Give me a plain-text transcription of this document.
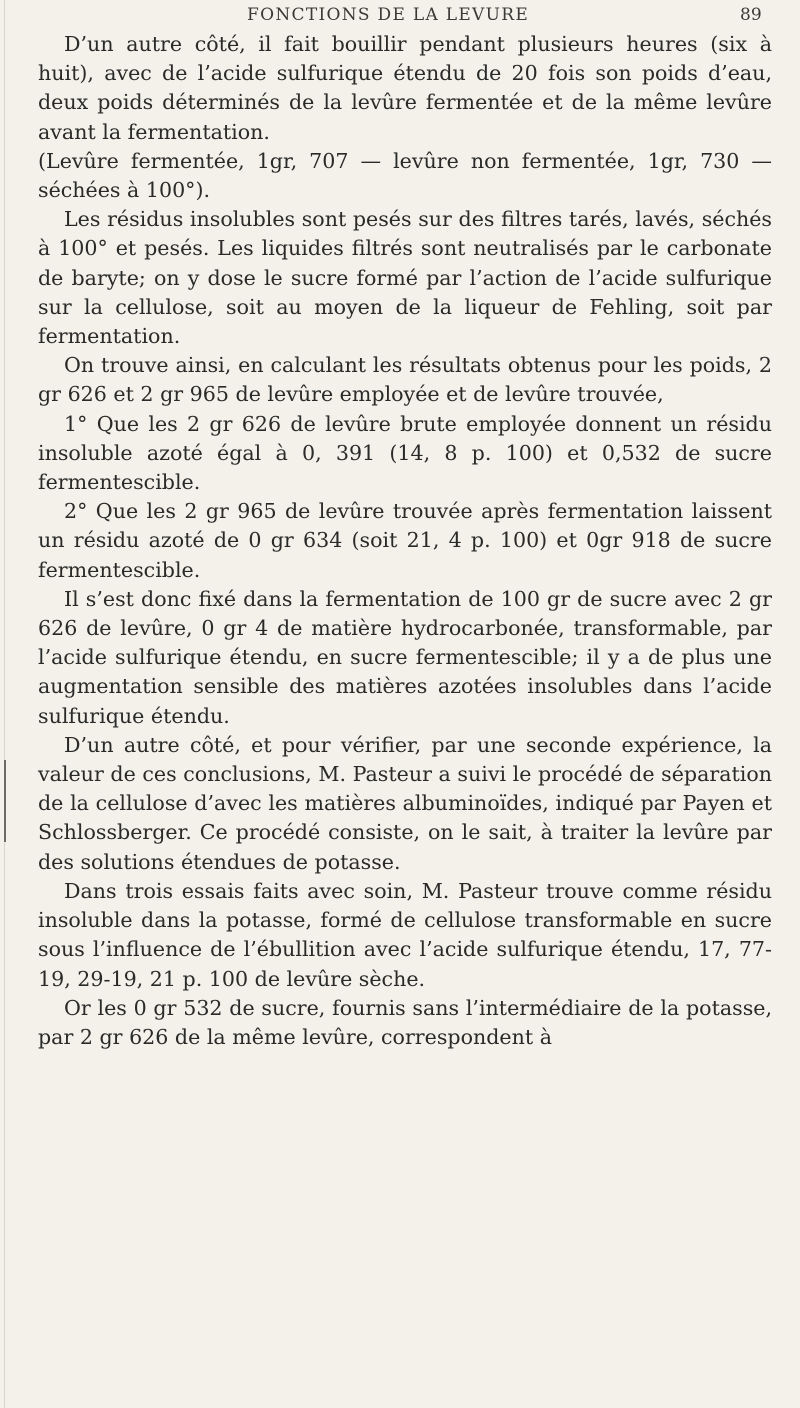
FONCTIONS DE LA LEVURE	89

D’un autre côté, il fait bouillir pendant plusieurs heures (six à huit), avec de l’acide sulfurique étendu de 20 fois son poids d’eau, deux poids déterminés de la levûre fermentée et de la même levûre avant la fermentation.

(Levûre fermentée, 1gr, 707 — levûre non fermentée, 1gr, 730 — séchées à 100°).

Les résidus insolubles sont pesés sur des filtres tarés, lavés, séchés à 100° et pesés. Les liquides filtrés sont neutralisés par le carbonate de baryte; on y dose le sucre formé par l’action de l’acide sulfurique sur la cellulose, soit au moyen de la liqueur de Fehling, soit par fermentation.

On trouve ainsi, en calculant les résultats obtenus pour les poids, 2 gr 626 et 2 gr 965 de levûre employée et de levûre trouvée,

1° Que les 2 gr 626 de levûre brute employée donnent un résidu insoluble azoté égal à 0, 391 (14, 8 p. 100) et 0,532 de sucre fermentescible.

2° Que les 2 gr 965 de levûre trouvée après fermentation laissent un résidu azoté de 0 gr 634 (soit 21, 4 p. 100) et 0gr 918 de sucre fermentescible.

Il s’est donc fixé dans la fermentation de 100 gr de sucre avec 2 gr 626 de levûre, 0 gr 4 de matière hydrocarbonée, transformable, par l’acide sulfurique étendu, en sucre fermentescible; il y a de plus une augmentation sensible des matières azotées insolubles dans l’acide sulfurique étendu.

D’un autre côté, et pour vérifier, par une seconde expérience, la valeur de ces conclusions, M. Pasteur a suivi le procédé de séparation de la cellulose d’avec les matières albuminoïdes, indiqué par Payen et Schlossberger. Ce procédé consiste, on le sait, à traiter la levûre par des solutions étendues de potasse.

Dans trois essais faits avec soin, M. Pasteur trouve comme résidu insoluble dans la potasse, formé de cellulose transformable en sucre sous l’influence de l’ébullition avec l’acide sulfurique étendu, 17, 77-19, 29-19, 21 p. 100 de levûre sèche.

Or les 0 gr 532 de sucre, fournis sans l’intermédiaire de la potasse, par 2 gr 626 de la même levûre, correspondent à
